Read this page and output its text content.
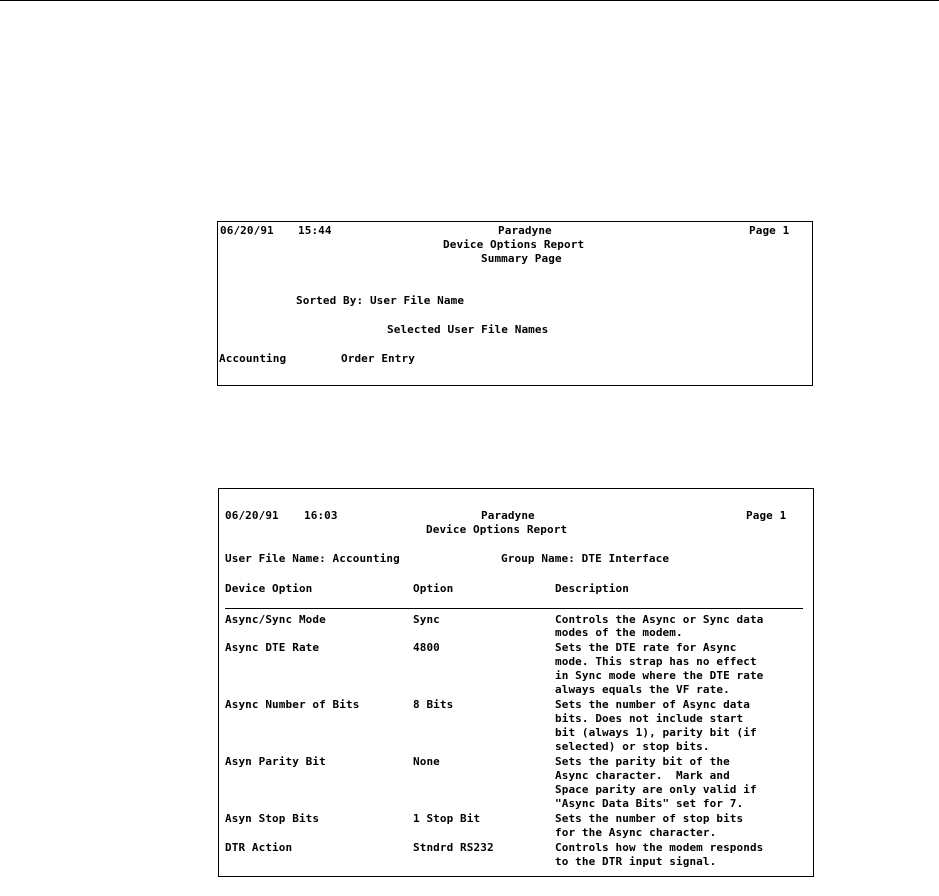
06/20/91 15:44	Paradyne	Page 1
Device Options Report
Summary Page
Sorted By: User File Name
Selected User File Names
Accounting	Order Entry
06/20/91 16:03	Paradyne	Page 1
Device Options Report
User File Name: Accounting	Group Name: DTE Interface
Device Option	Option	Description
Async/Sync Mode	Sync	Controls the Async or Sync data
modes of the modem.
Async DTE Rate	4800	Sets the DTE rate for Async
mode. This strap has no effect
in Sync mode where the DTE rate
always equals the VF rate.
Async Number of Bits	8 Bits	Sets the number of Async data
bits. Does not include start
bit (always 1), parity bit (if
selected) or stop bits.
Asyn Parity Bit	None	Sets the parity bit of the
Async character.  Mark and
Space parity are only valid if
"Async Data Bits" set for 7.
Asyn Stop Bits	1 Stop Bit	Sets the number of stop bits
for the Async character.
DTR Action	Stndrd RS232	Controls how the modem responds
to the DTR input signal.
